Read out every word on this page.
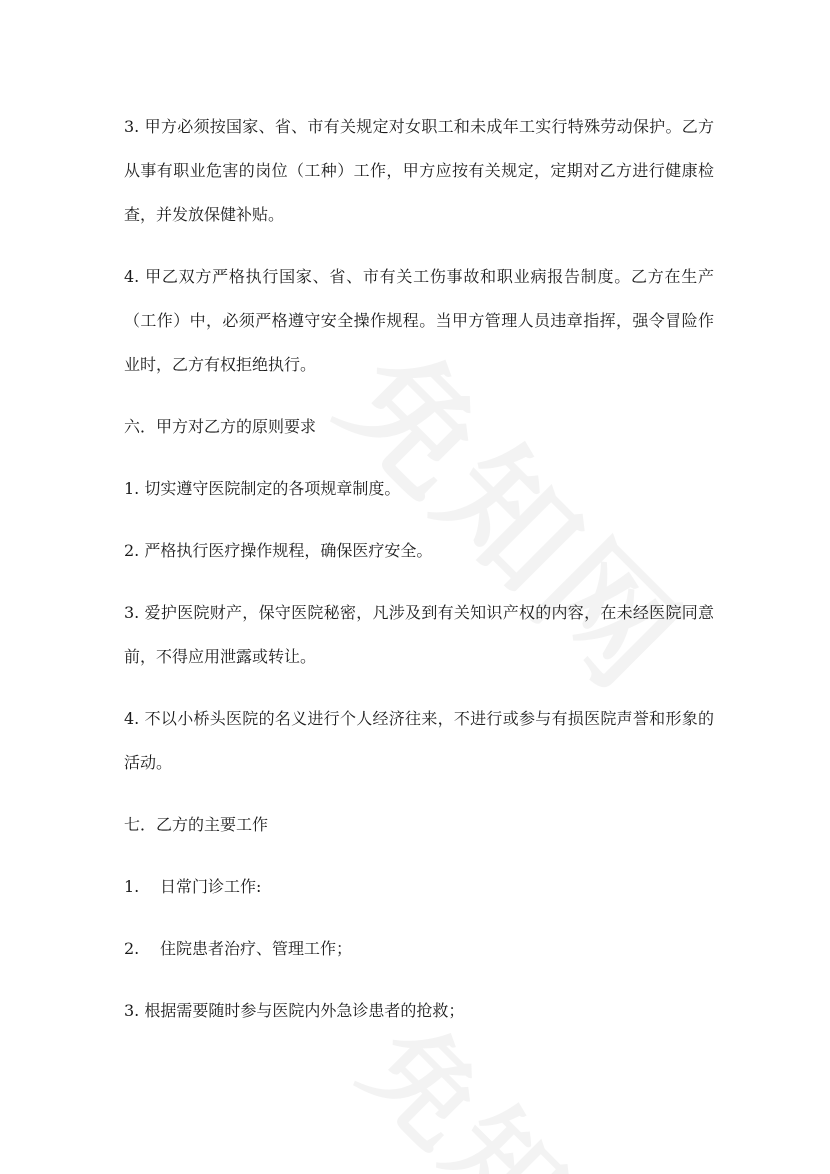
3. 甲方必须按国家、省、市有关规定对女职工和未成年工实行特殊劳动保护。乙方从事有职业危害的岗位（工种）工作，甲方应按有关规定，定期对乙方进行健康检查，并发放保健补贴。

4. 甲乙双方严格执行国家、省、市有关工伤事故和职业病报告制度。乙方在生产（工作）中，必须严格遵守安全操作规程。当甲方管理人员违章指挥，强令冒险作业时，乙方有权拒绝执行。

六．甲方对乙方的原则要求

1. 切实遵守医院制定的各项规章制度。

2. 严格执行医疗操作规程，确保医疗安全。

3. 爱护医院财产，保守医院秘密，凡涉及到有关知识产权的内容，在未经医院同意前，不得应用泄露或转让。

4. 不以小桥头医院的名义进行个人经济往来，不进行或参与有损医院声誉和形象的活动。

七．乙方的主要工作

1. 日常门诊工作:

2. 住院患者治疗、管理工作；

3. 根据需要随时参与医院内外急诊患者的抢救；
